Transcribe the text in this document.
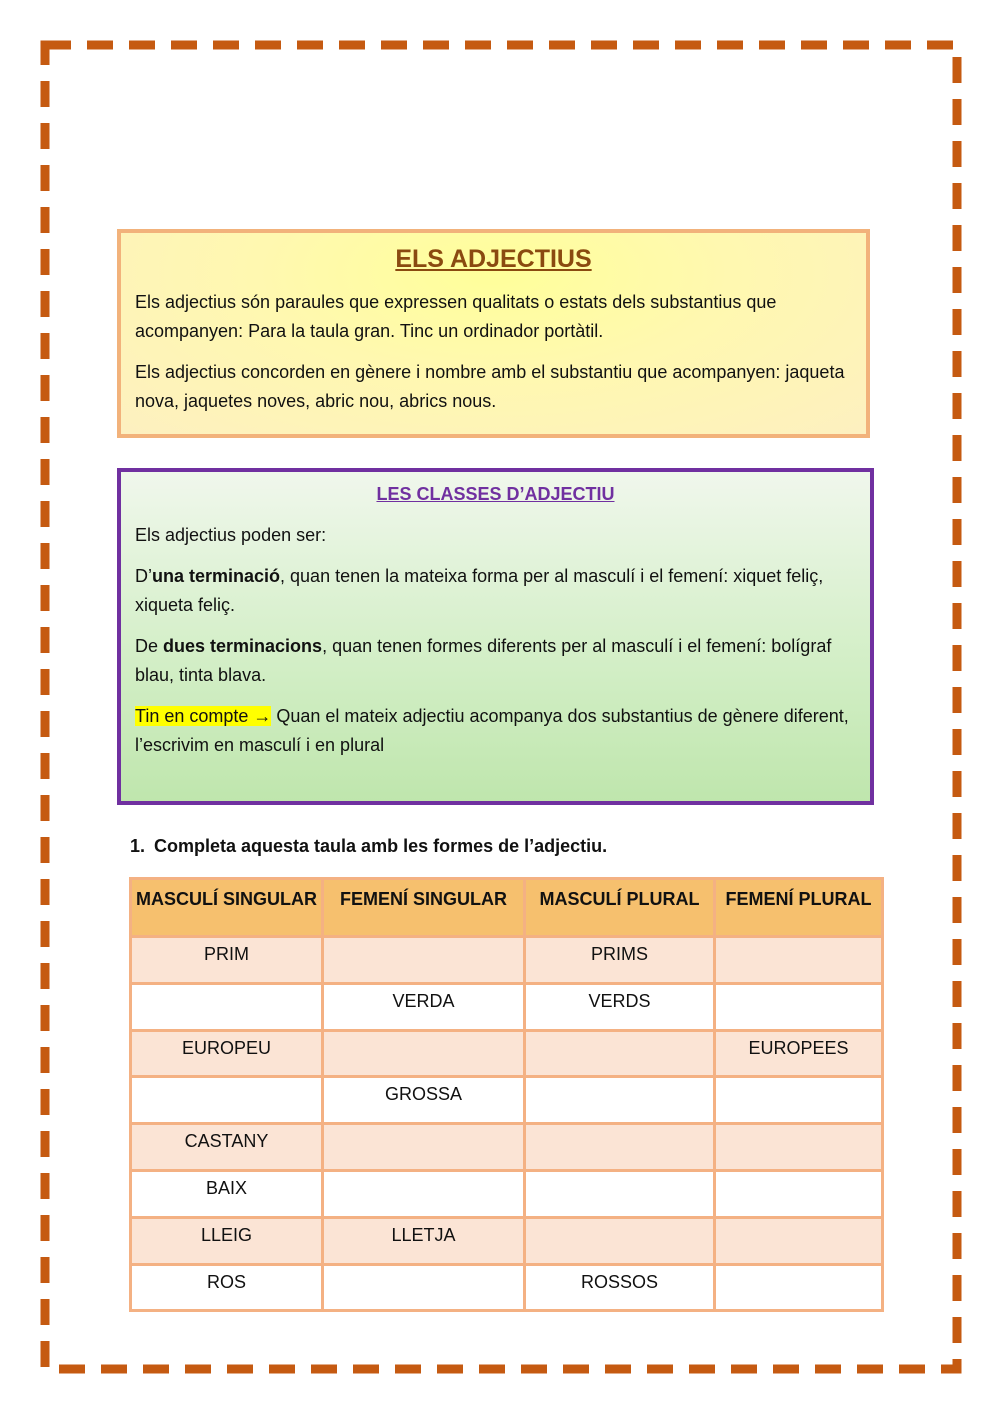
ELS ADJECTIUS

Els adjectius són paraules que expressen qualitats o estats dels substantius que acompanyen: Para la taula gran. Tinc un ordinador portàtil.

Els adjectius concorden en gènere i nombre amb el substantiu que acompanyen: jaqueta nova, jaquetes noves, abric nou, abrics nous.

LES CLASSES D’ADJECTIU

Els adjectius poden ser:

D’una terminació, quan tenen la mateixa forma per al masculí i el femení: xiquet feliç, xiqueta feliç.

De dues terminacions, quan tenen formes diferents per al masculí i el femení: bolígraf blau, tinta blava.

Tin en compte → Quan el mateix adjectiu acompanya dos substantius de gènere diferent, l’escrivim en masculí i en plural

1. Completa aquesta taula amb les formes de l’adjectiu.
MASCULÍ SINGULAR	FEMENÍ SINGULAR	MASCULÍ PLURAL	FEMENÍ PLURAL
PRIM		PRIMS	
	VERDA	VERDS	
EUROPEU			EUROPEES
	GROSSA		
CASTANY			
BAIX			
LLEIG	LLETJA		
ROS		ROSSOS	
